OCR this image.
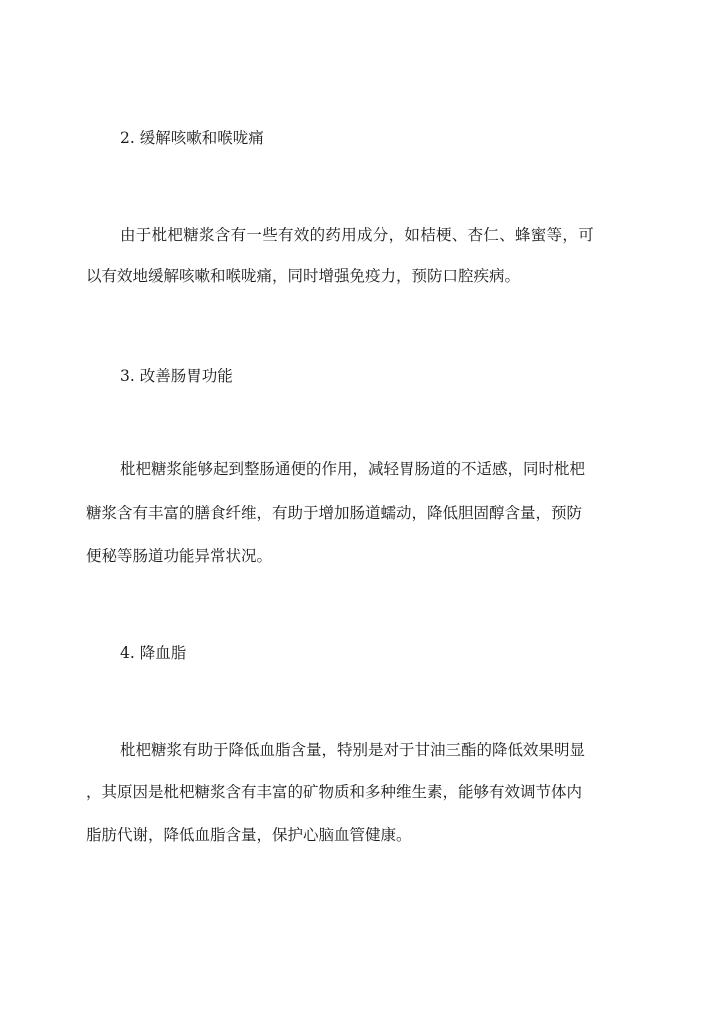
2. 缓解咳嗽和喉咙痛
由于枇杷糖浆含有一些有效的药用成分，如桔梗、杏仁、蜂蜜等，可
以有效地缓解咳嗽和喉咙痛，同时增强免疫力，预防口腔疾病。
3. 改善肠胃功能
枇杷糖浆能够起到整肠通便的作用，减轻胃肠道的不适感，同时枇杷
糖浆含有丰富的膳食纤维，有助于增加肠道蠕动，降低胆固醇含量，预防
便秘等肠道功能异常状况。
4. 降血脂
枇杷糖浆有助于降低血脂含量，特别是对于甘油三酯的降低效果明显
，其原因是枇杷糖浆含有丰富的矿物质和多种维生素，能够有效调节体内
脂肪代谢，降低血脂含量，保护心脑血管健康。
